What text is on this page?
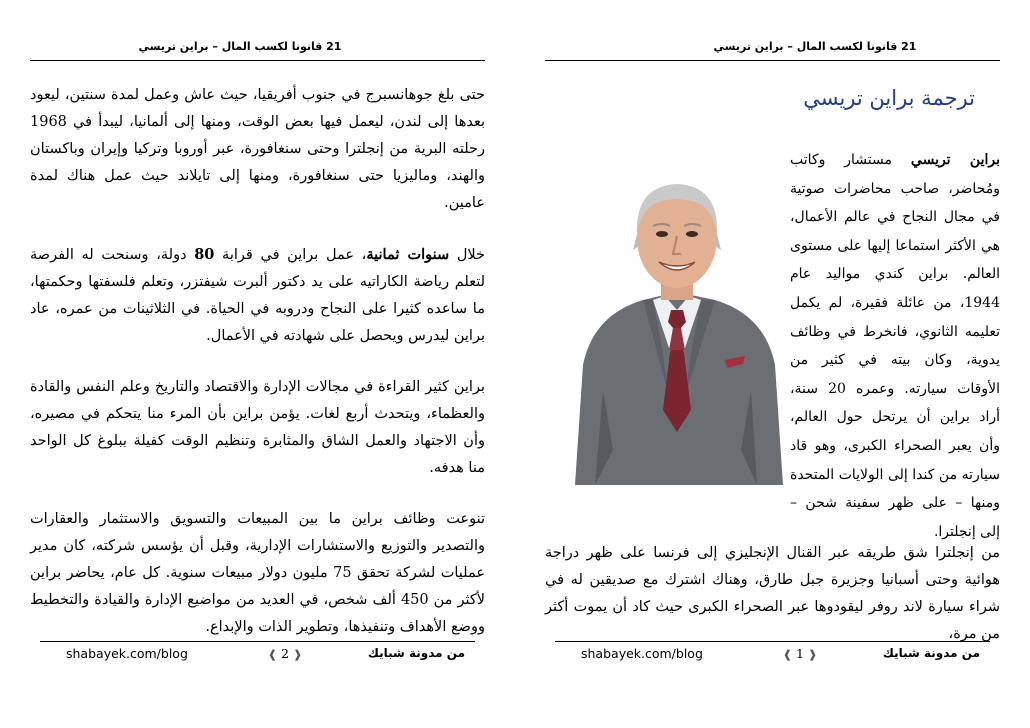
21 قانونا لكسب المال – براين تريسي

حتى بلغ جوهانسبرج في جنوب أفريقيا، حيث عاش وعمل لمدة سنتين، ليعود بعدها إلى لندن، ليعمل فيها بعض الوقت، ومنها إلى ألمانيا، ليبدأ في 1968 رحلته البرية من إنجلترا وحتى سنغافورة، عبر أوروبا وتركيا وإيران وباكستان والهند، وماليزيا حتى سنغافورة، ومنها إلى تايلاند حيث عمل هناك لمدة عامين.

خلال سنوات ثمانية، عمل براين في قرابة 80 دولة، وسنحت له الفرصة لتعلم رياضة الكاراتيه على يد دكتور ألبرت شيفتزر، وتعلم فلسفتها وحكمتها، ما ساعده كثيرا على النجاح ودروبه في الحياة. في الثلاثينات من عمره، عاد براين ليدرس ويحصل على شهادته في الأعمال.

براين كثير القراءة في مجالات الإدارة والاقتصاد والتاريخ وعلم النفس والقادة والعظماء، ويتحدث أربع لغات. يؤمن براين بأن المرء منا يتحكم في مصيره، وأن الاجتهاد والعمل الشاق والمثابرة وتنظيم الوقت كفيلة ببلوغ كل الواحد منا هدفه.

تنوعت وظائف براين ما بين المبيعات والتسويق والاستثمار والعقارات والتصدير والتوزيع والاستشارات الإدارية، وقبل أن يؤسس شركته، كان مدير عمليات لشركة تحقق 75 مليون دولار مبيعات سنوية. كل عام، يحاضر براين لأكثر من 450 ألف شخص، في العديد من مواضيع الإدارة والقيادة والتخطيط ووضع الأهداف وتنفيذها، وتطوير الذات والإبداع.

shabayek.com/blog	❰ 2 ❱	من مدونة شبايك
21 قانونا لكسب المال – براين تريسي
ترجمة براين تريسي
براين تريسي مستشار وكاتب ومُحاضر، صاحب محاضرات صوتية في مجال النجاح في عالم الأعمال، هي الأكثر استماعا إليها على مستوى العالم. براين كندي مواليد عام 1944، من عائلة فقيرة، لم يكمل تعليمه الثانوي، فانخرط في وظائف يدوية، وكان بيته في كثير من الأوقات سيارته. وعمره 20 سنة، أراد براين أن يرتحل حول العالم، وأن يعبر الصحراء الكبرى، وهو قاد سيارته من كندا إلى الولايات المتحدة ومنها – على ظهر سفينة شحن – إلى إنجلترا.
من إنجلترا شق طريقه عبر القنال الإنجليزي إلى فرنسا على ظهر دراجة هوائية وحتى أسبانيا وجزيرة جبل طارق، وهناك اشترك مع صديقين له في شراء سيارة لاند روفر ليقودوها عبر الصحراء الكبرى حيث كاد أن يموت أكثر من مرة،
shabayek.com/blog	❰ 1 ❱	من مدونة شبايك
